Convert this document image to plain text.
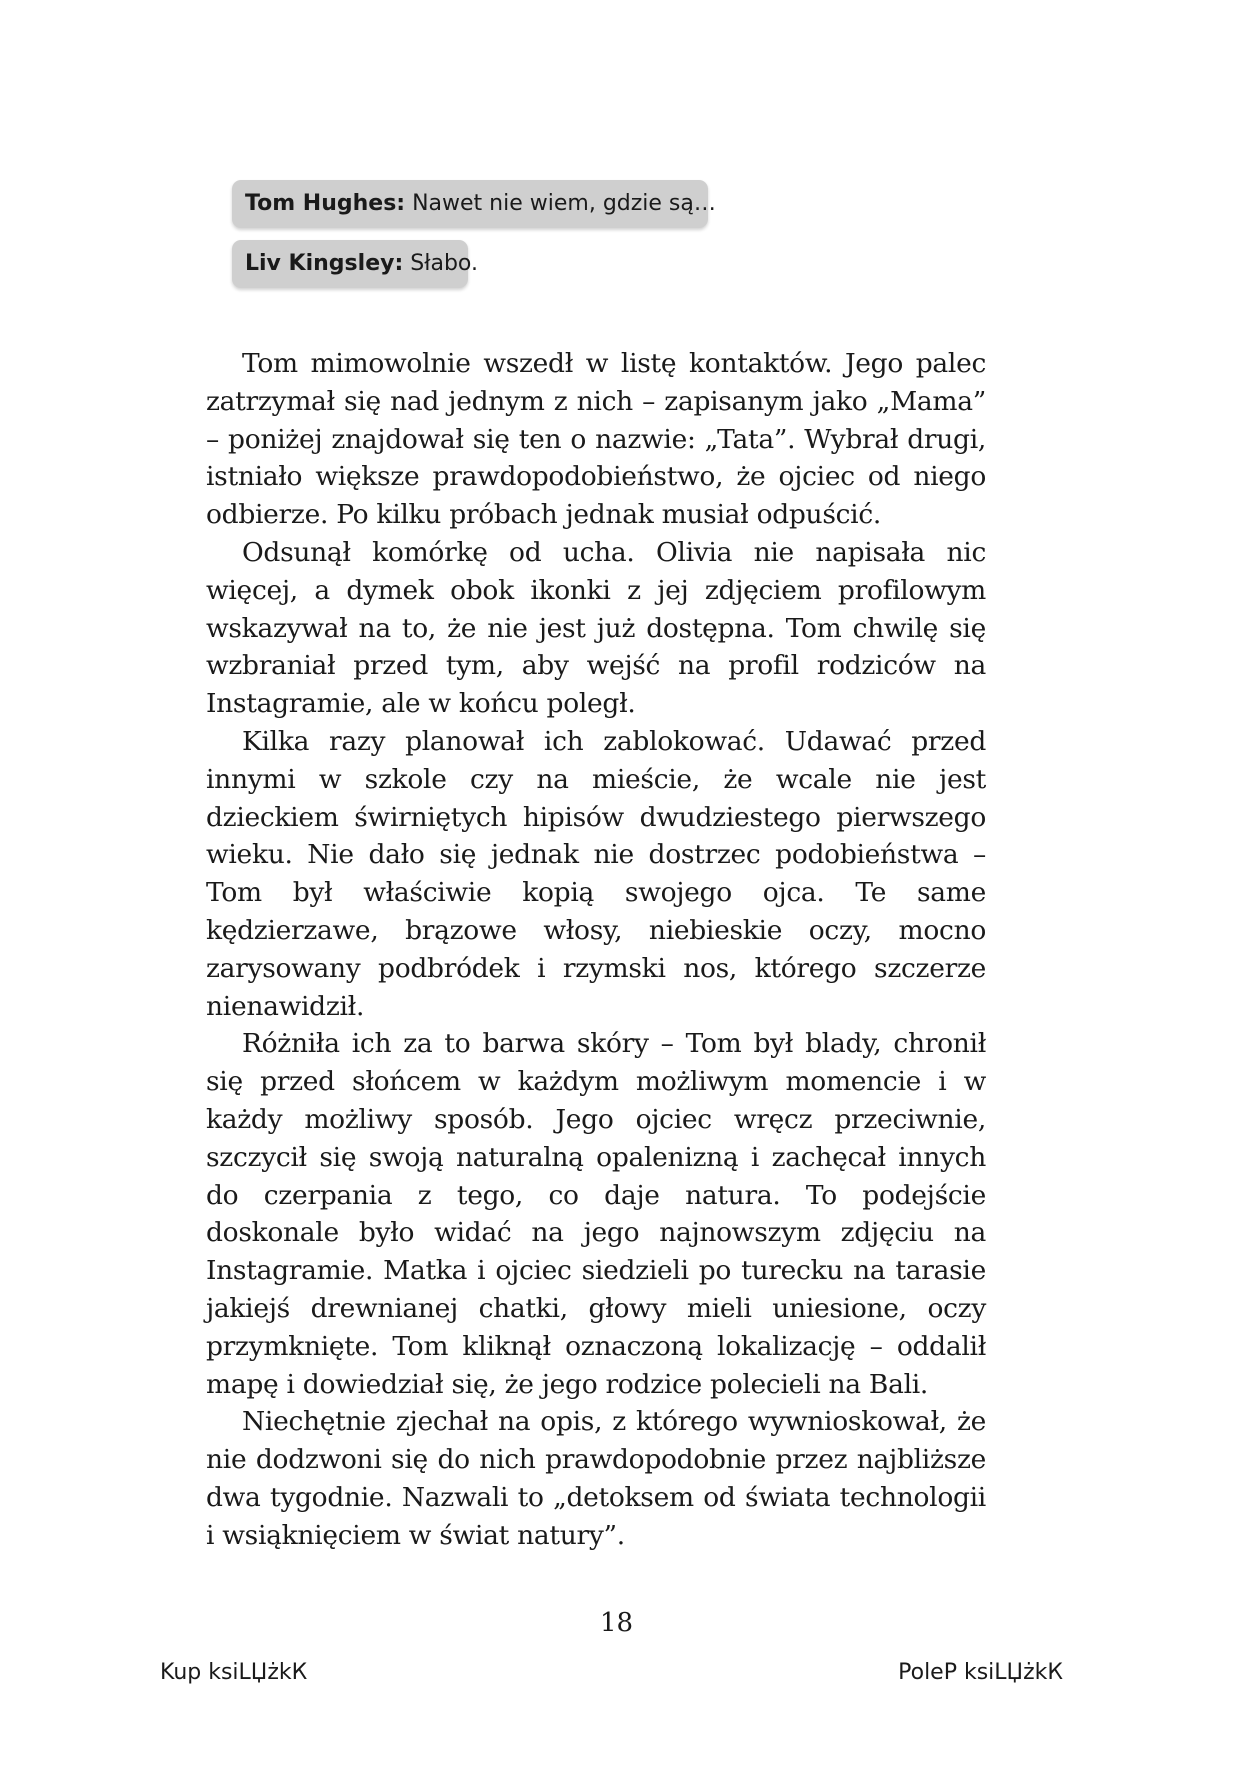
Tom Hughes: Nawet nie wiem, gdzie są…
Liv Kingsley: Słabo.

Tom mimowolnie wszedł w listę kontaktów. Jego palec zatrzymał się nad jednym z nich – zapisanym jako „Mama” – poniżej znajdował się ten o nazwie: „Tata”. Wybrał drugi, istniało większe prawdopodobieństwo, że ojciec od niego odbierze. Po kilku próbach jednak musiał odpuścić.

Odsunął komórkę od ucha. Olivia nie napisała nic więcej, a dymek obok ikonki z jej zdjęciem profilowym wskazywał na to, że nie jest już dostępna. Tom chwilę się wzbraniał przed tym, aby wejść na profil rodziców na Instagramie, ale w końcu poległ.

Kilka razy planował ich zablokować. Udawać przed innymi w szkole czy na mieście, że wcale nie jest dzieckiem świrniętych hipisów dwudziestego pierwszego wieku. Nie dało się jednak nie dostrzec podobieństwa – Tom był właściwie kopią swojego ojca. Te same kędzierzawe, brązowe włosy, niebieskie oczy, mocno zarysowany podbródek i rzymski nos, którego szczerze nienawidził.

Różniła ich za to barwa skóry – Tom był blady, chronił się przed słońcem w każdym możliwym momencie i w każdy możliwy sposób. Jego ojciec wręcz przeciwnie, szczycił się swoją naturalną opalenizną i zachęcał innych do czerpania z tego, co daje natura. To podejście doskonale było widać na jego najnowszym zdjęciu na Instagramie. Matka i ojciec siedzieli po turecku na tarasie jakiejś drewnianej chatki, głowy mieli uniesione, oczy przymknięte. Tom kliknął oznaczoną lokalizację – oddalił mapę i dowiedział się, że jego rodzice polecieli na Bali.

Niechętnie zjechał na opis, z którego wywnioskował, że nie dodzwoni się do nich prawdopodobnie przez najbliższe dwa tygodnie. Nazwali to „detoksem od świata technologii i wsiąknięciem w świat natury”.

18
Kup ksiLЏżkК	PoleР ksiLЏżkК
